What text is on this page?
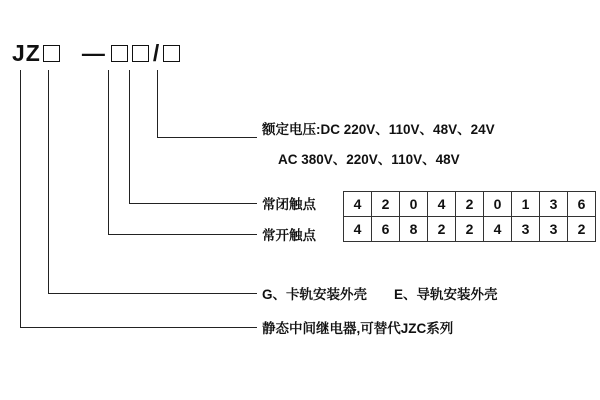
J Z — /
额定电压:DC 220V、110V、48V、24V
AC 380V、220V、110V、48V
常闭触点
常开触点
G、卡轨安装外壳　　E、导轨安装外壳
静态中间继电器,可替代JZC系列
4	2	0	4	2	0	1	3	6
4	6	8	2	2	4	3	3	2
